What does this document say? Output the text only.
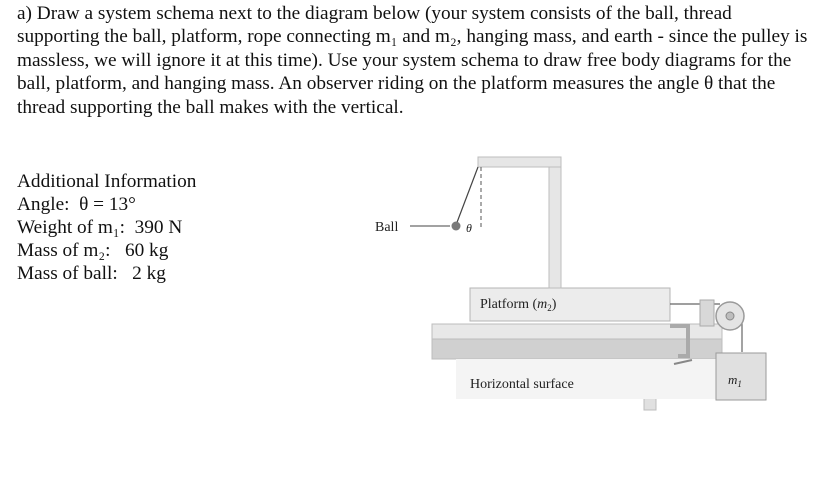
a) Draw a system schema next to the diagram below (your system consists of the ball, thread supporting the ball, platform, rope connecting m₁ and m₂, hanging mass, and earth - since the pulley is massless, we will ignore it at this time). Use your system schema to draw free body diagrams for the ball, platform, and hanging mass. An observer riding on the platform measures the angle θ that the thread supporting the ball makes with the vertical.

Additional Information
Angle:  θ = 13°
Weight of m₁:  390 N
Mass of m₂:   60 kg
Mass of ball:   2 kg
Ball	θ
$m_1$
Platform $(m_2)$
Horizontal surface
